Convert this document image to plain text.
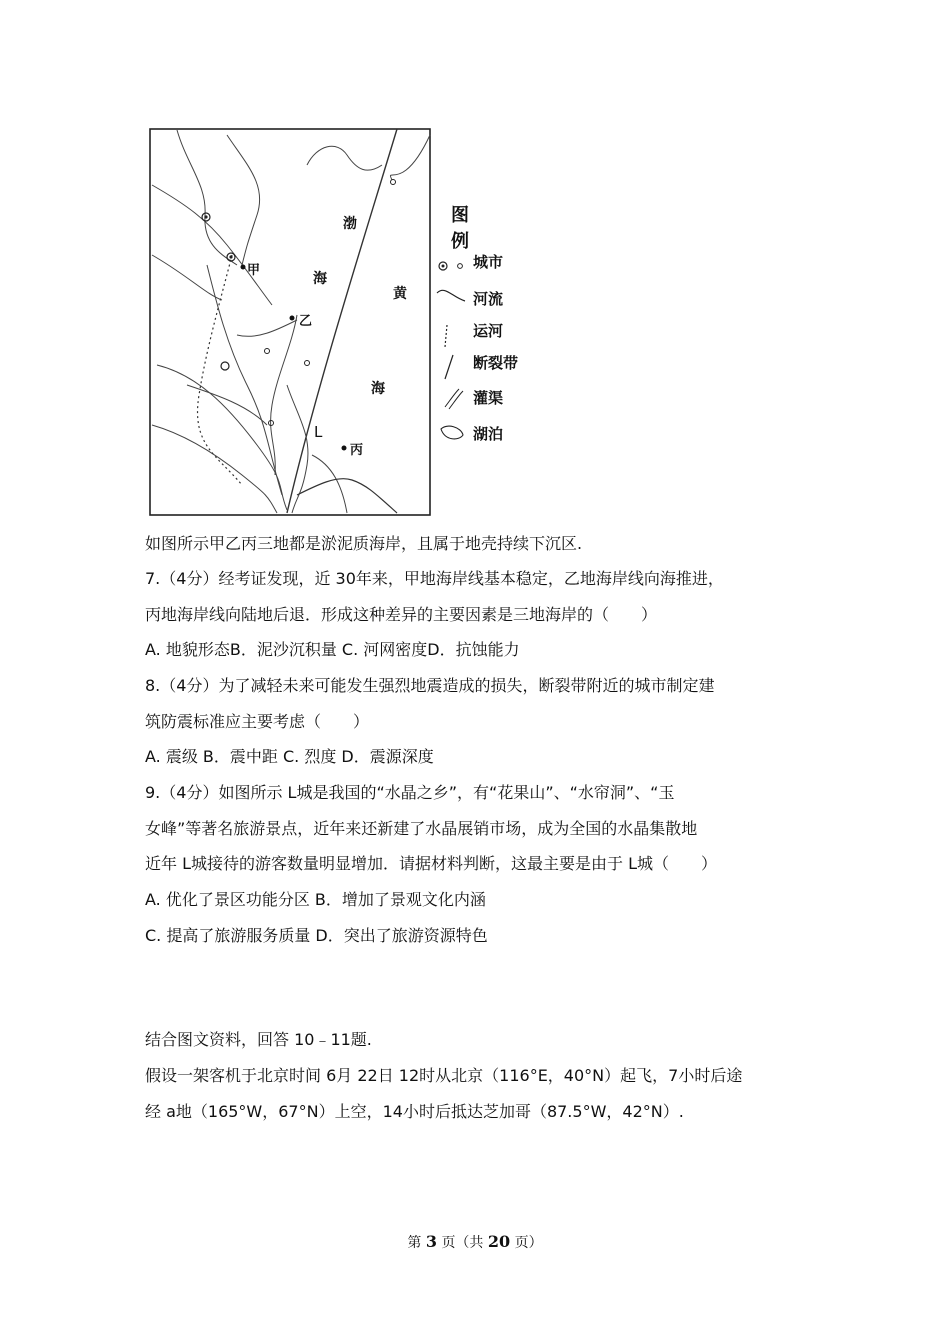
渤
海
黄
海
甲
乙
丙
L
图例
城市
河流
运河
断裂带
灌渠
湖泊
如图所示甲乙丙三地都是淤泥质海岸，且属于地壳持续下沉区.
7.（4分）经考证发现，近 30年来，甲地海岸线基本稳定，乙地海岸线向海推进，
丙地海岸线向陆地后退．形成这种差异的主要因素是三地海岸的（　　）
A. 地貌形态B．泥沙沉积量 C. 河网密度D．抗蚀能力
8.（4分）为了减轻未来可能发生强烈地震造成的损失，断裂带附近的城市制定建
筑防震标准应主要考虑（　　）
A. 震级 B．震中距 C. 烈度 D．震源深度
9.（4分）如图所示 L城是我国的“水晶之乡”，有“花果山”、“水帘洞”、“玉
女峰”等著名旅游景点，近年来还新建了水晶展销市场，成为全国的水晶集散地
近年 L城接待的游客数量明显增加．请据材料判断，这最主要是由于 L城（　　）
A. 优化了景区功能分区 B．增加了景观文化内涵
C. 提高了旅游服务质量 D．突出了旅游资源特色
结合图文资料，回答 10﹣11题.
假设一架客机于北京时间 6月 22日 12时从北京（116°E，40°N）起飞，7小时后途
经 a地（165°W，67°N）上空，14小时后抵达芝加哥（87.5°W，42°N）.
第 3 页（共 20 页）
